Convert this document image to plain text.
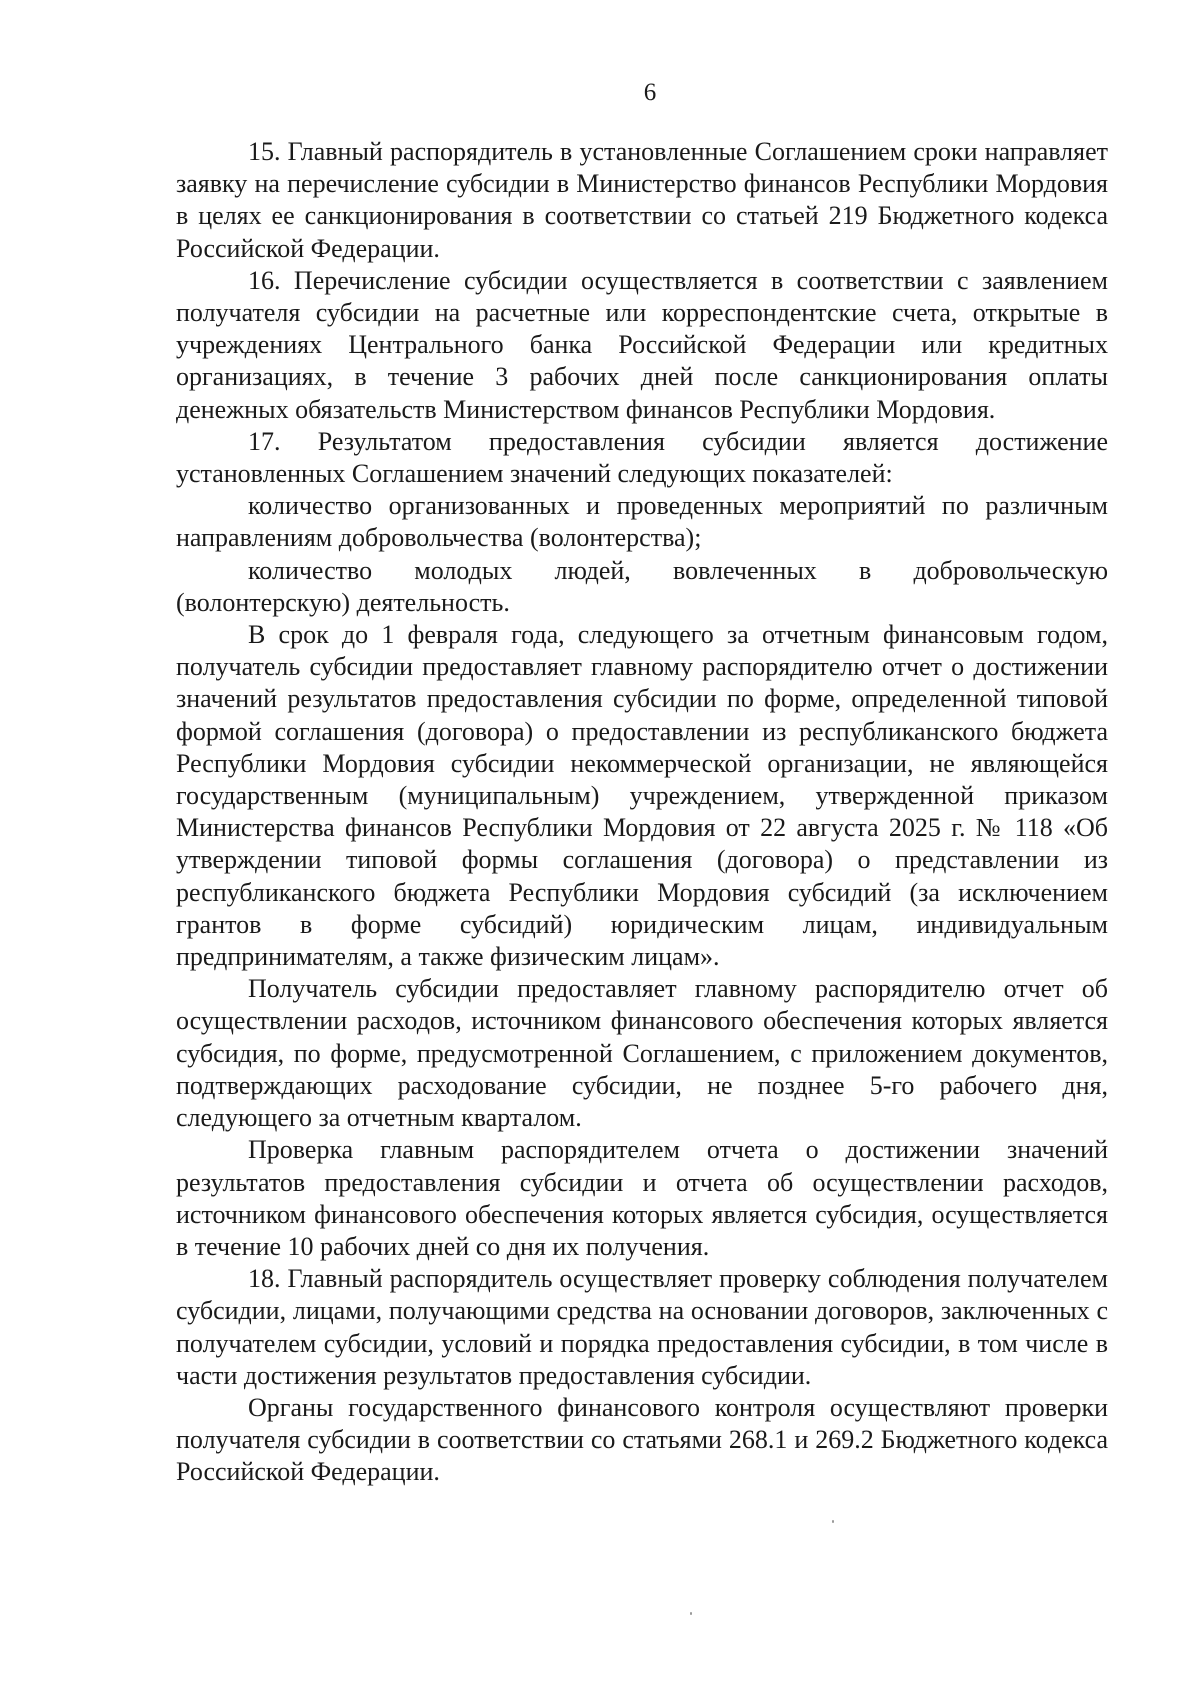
6

15. Главный распорядитель в установленные Соглашением сроки направляет заявку на перечисление субсидии в Министерство финансов Республики Мордовия в целях ее санкционирования в соответствии со статьей 219 Бюджетного кодекса Российской Федерации.

16. Перечисление субсидии осуществляется в соответствии с заявлением получателя субсидии на расчетные или корреспондентские счета, открытые в учреждениях Центрального банка Российской Федерации или кредитных организациях, в течение 3 рабочих дней после санкционирования оплаты денежных обязательств Министерством финансов Республики Мордовия.

17. Результатом предоставления субсидии является достижение установленных Соглашением значений следующих показателей:

количество организованных и проведенных мероприятий по различным направлениям добровольчества (волонтерства);

количество молодых людей, вовлеченных в добровольческую (волонтерскую) деятельность.

В срок до 1 февраля года, следующего за отчетным финансовым годом, получатель субсидии предоставляет главному распорядителю отчет о достижении значений результатов предоставления субсидии по форме, определенной типовой формой соглашения (договора) о предоставлении из республиканского бюджета Республики Мордовия субсидии некоммерческой организации, не являющейся государственным (муниципальным) учреждением, утвержденной приказом Министерства финансов Республики Мордовия от 22 августа 2025 г. № 118 «Об утверждении типовой формы соглашения (договора) о представлении из республиканского бюджета Республики Мордовия субсидий (за исключением грантов в форме субсидий) юридическим лицам, индивидуальным предпринимателям, а также физическим лицам».

Получатель субсидии предоставляет главному распорядителю отчет об осуществлении расходов, источником финансового обеспечения которых является субсидия, по форме, предусмотренной Соглашением, с приложением документов, подтверждающих расходование субсидии, не позднее 5-го рабочего дня, следующего за отчетным кварталом.

Проверка главным распорядителем отчета о достижении значений результатов предоставления субсидии и отчета об осуществлении расходов, источником финансового обеспечения которых является субсидия, осуществляется в течение 10 рабочих дней со дня их получения.

18. Главный распорядитель осуществляет проверку соблюдения получателем субсидии, лицами, получающими средства на основании договоров, заключенных с получателем субсидии, условий и порядка предоставления субсидии, в том числе в части достижения результатов предоставления субсидии.

Органы государственного финансового контроля осуществляют проверки получателя субсидии в соответствии со статьями 268.1 и 269.2 Бюджетного кодекса Российской Федерации.
